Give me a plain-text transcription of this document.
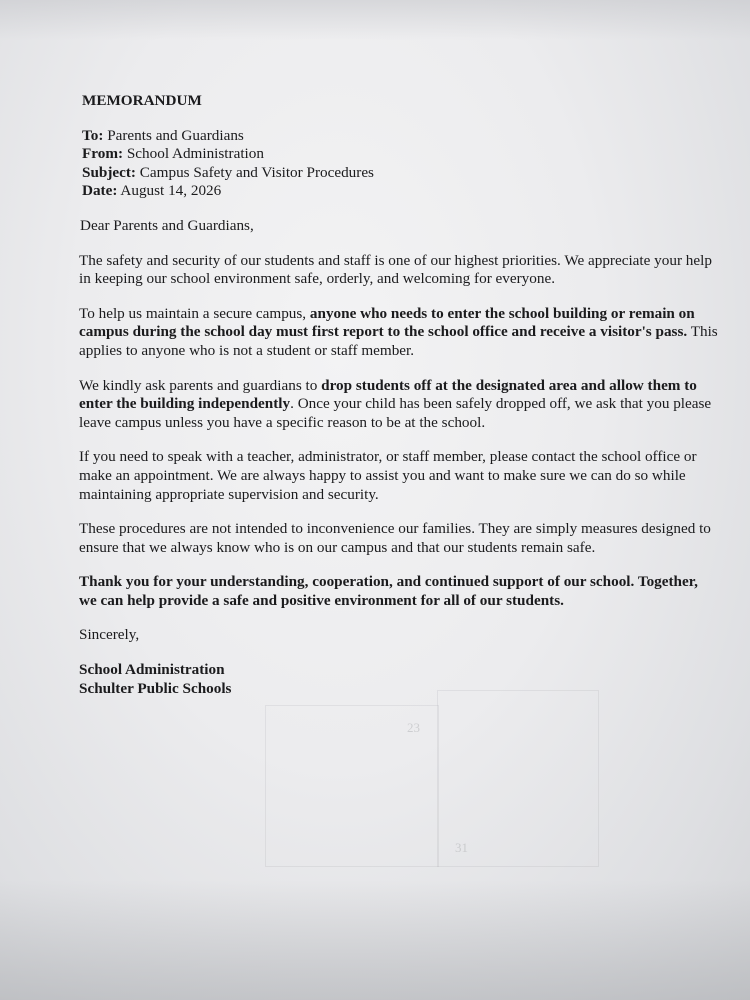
23
31
MEMORANDUM
To: Parents and Guardians
From: School Administration
Subject: Campus Safety and Visitor Procedures
Date: August 14, 2026

Dear Parents and Guardians,

The safety and security of our students and staff is one of our highest priorities. We appreciate your help in keeping our school environment safe, orderly, and welcoming for everyone.

To help us maintain a secure campus, anyone who needs to enter the school building or remain on campus during the school day must first report to the school office and receive a visitor's pass. This applies to anyone who is not a student or staff member.

We kindly ask parents and guardians to drop students off at the designated area and allow them to enter the building independently. Once your child has been safely dropped off, we ask that you please leave campus unless you have a specific reason to be at the school.

If you need to speak with a teacher, administrator, or staff member, please contact the school office or make an appointment. We are always happy to assist you and want to make sure we can do so while maintaining appropriate supervision and security.

These procedures are not intended to inconvenience our families. They are simply measures designed to ensure that we always know who is on our campus and that our students remain safe.

Thank you for your understanding, cooperation, and continued support of our school. Together, we can help provide a safe and positive environment for all of our students.

Sincerely,

School Administration
Schulter Public Schools
